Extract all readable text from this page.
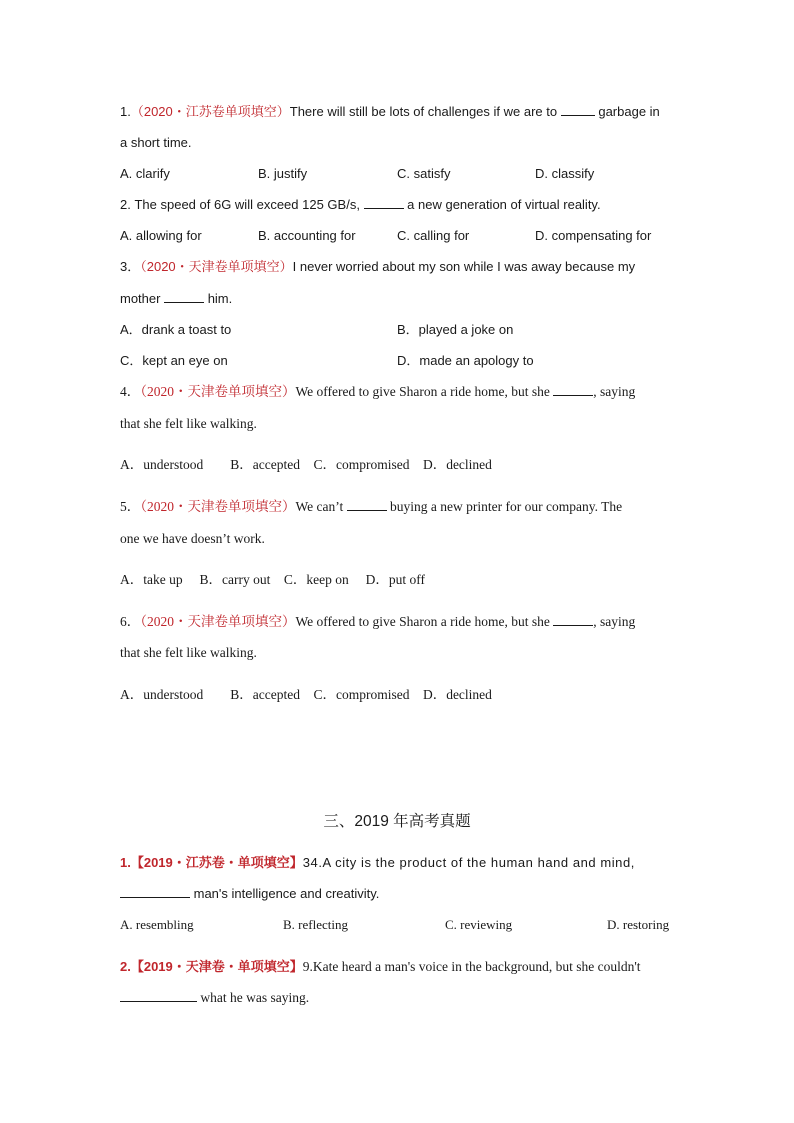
1.（2020・江苏卷单项填空）There will still be lots of challenges if we are to	garbage in
a short time.
A. clarify	B. justify	C. satisfy	D. classify
2. The speed of 6G will exceed 125 GB/s,	a new generation of virtual reality.
A. allowing for	B. accounting for	C. calling for	D. compensating for
3．（2020・天津卷单项填空）I never worried about my son while I was away because my
mother	him.
A．drank a toast to	B．played a joke on
C．kept an eye on	D．made an apology to
4．（2020・天津卷单项填空）We offered to give Sharon a ride home, but she	, saying
that she felt like walking.
A．understood　　B．accepted　C．compromised　D．declined
5．（2020・天津卷单项填空）We can’t	buying a new printer for our company. The
one we have doesn’t work.
A．take up　 B．carry out　C．keep on　 D．put off
6．（2020・天津卷单项填空）We offered to give Sharon a ride home, but she	, saying
that she felt like walking.
A．understood　　B．accepted　C．compromised　D．declined
三、2019 年高考真题
1.【2019・江苏卷・单项填空】34.A city is the product of the human hand and mind,
man's intelligence and creativity.
A. resembling	B. reflecting	C. reviewing	D. restoring
2.【2019・天津卷・单项填空】9.Kate heard a man's voice in the background, but she couldn't
what he was saying.
